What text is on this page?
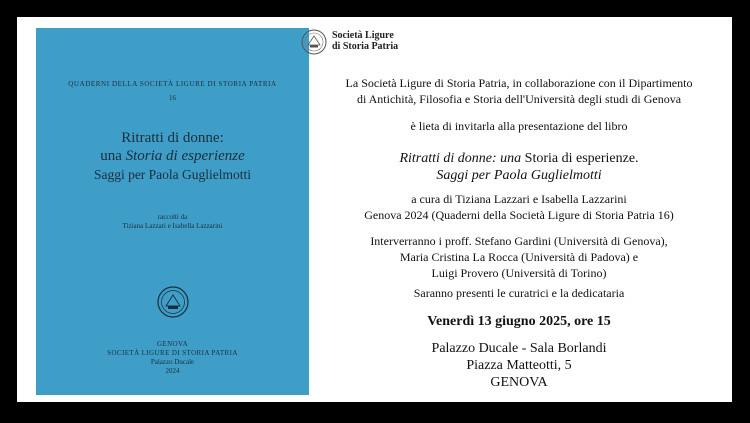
QUADERNI DELLA SOCIETÀ LIGURE DI STORIA PATRIA
16
Ritratti di donne:
una Storia di esperienze
Saggi per Paola Guglielmotti
raccolti da
Tiziana Lazzari e Isabella Lazzarini
GENOVA
SOCIETÀ LIGURE DI STORIA PATRIA
Palazzo Ducale
2024
Società Ligure
di Storia Patria
La Società Ligure di Storia Patria, in collaborazione con il Dipartimento
di Antichità, Filosofia e Storia dell'Università degli studi di Genova
è lieta di invitarla alla presentazione del libro
Ritratti di donne: una Storia di esperienze.
Saggi per Paola Guglielmotti
a cura di Tiziana Lazzari e Isabella Lazzarini
Genova 2024 (Quaderni della Società Ligure di Storia Patria 16)
Interverranno i proff. Stefano Gardini (Università di Genova),
Maria Cristina La Rocca (Università di Padova) e
Luigi Provero (Università di Torino)
Saranno presenti le curatrici e la dedicataria
Venerdì 13 giugno 2025, ore 15
Palazzo Ducale - Sala Borlandi
Piazza Matteotti, 5
GENOVA
